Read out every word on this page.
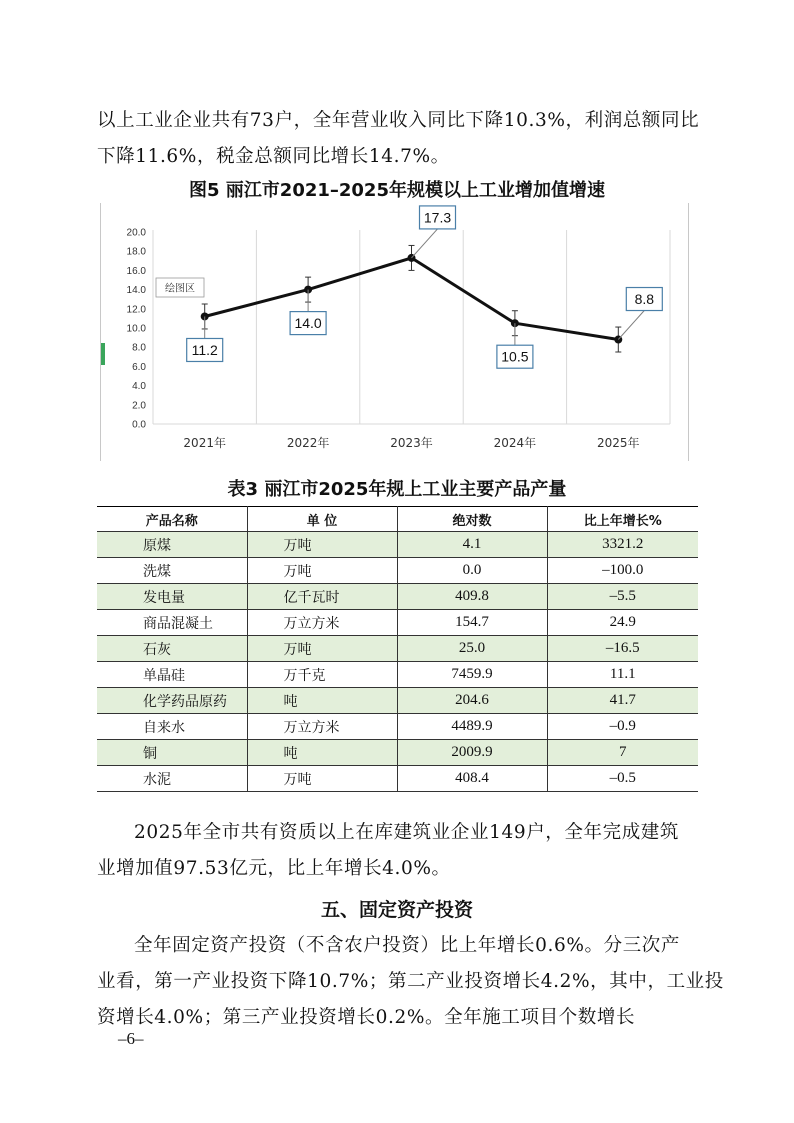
以上工业企业共有73户，全年营业收入同比下降10.3%，利润总额同比
下降11.6%，税金总额同比增长14.7%。

图5 丽江市2021–2025年规模以上工业增加值增速
0.0
2.0
4.0
6.0
8.0
10.0
12.0
14.0
16.0
18.0
20.0
2021年	2022年	2023年	2024年	2025年
绘图区
11.2
14.0
17.3
10.5
8.8
表3 丽江市2025年规上工业主要产品产量
产品名称	单 位	绝对数	比上年增长%
原煤	万吨	4.1	3321.2
洗煤	万吨	0.0	–100.0
发电量	亿千瓦时	409.8	–5.5
商品混凝土	万立方米	154.7	24.9
石灰	万吨	25.0	–16.5
单晶硅	万千克	7459.9	11.1
化学药品原药	吨	204.6	41.7
自来水	万立方米	4489.9	–0.9
铜	吨	2009.9	7
水泥	万吨	408.4	–0.5

2025年全市共有资质以上在库建筑业企业149户，全年完成建筑
业增加值97.53亿元，比上年增长4.0%。

五、固定资产投资

全年固定资产投资（不含农户投资）比上年增长0.6%。分三次产
业看，第一产业投资下降10.7%；第二产业投资增长4.2%，其中，工业投
资增长4.0%；第三产业投资增长0.2%。全年施工项目个数增长

–6–
